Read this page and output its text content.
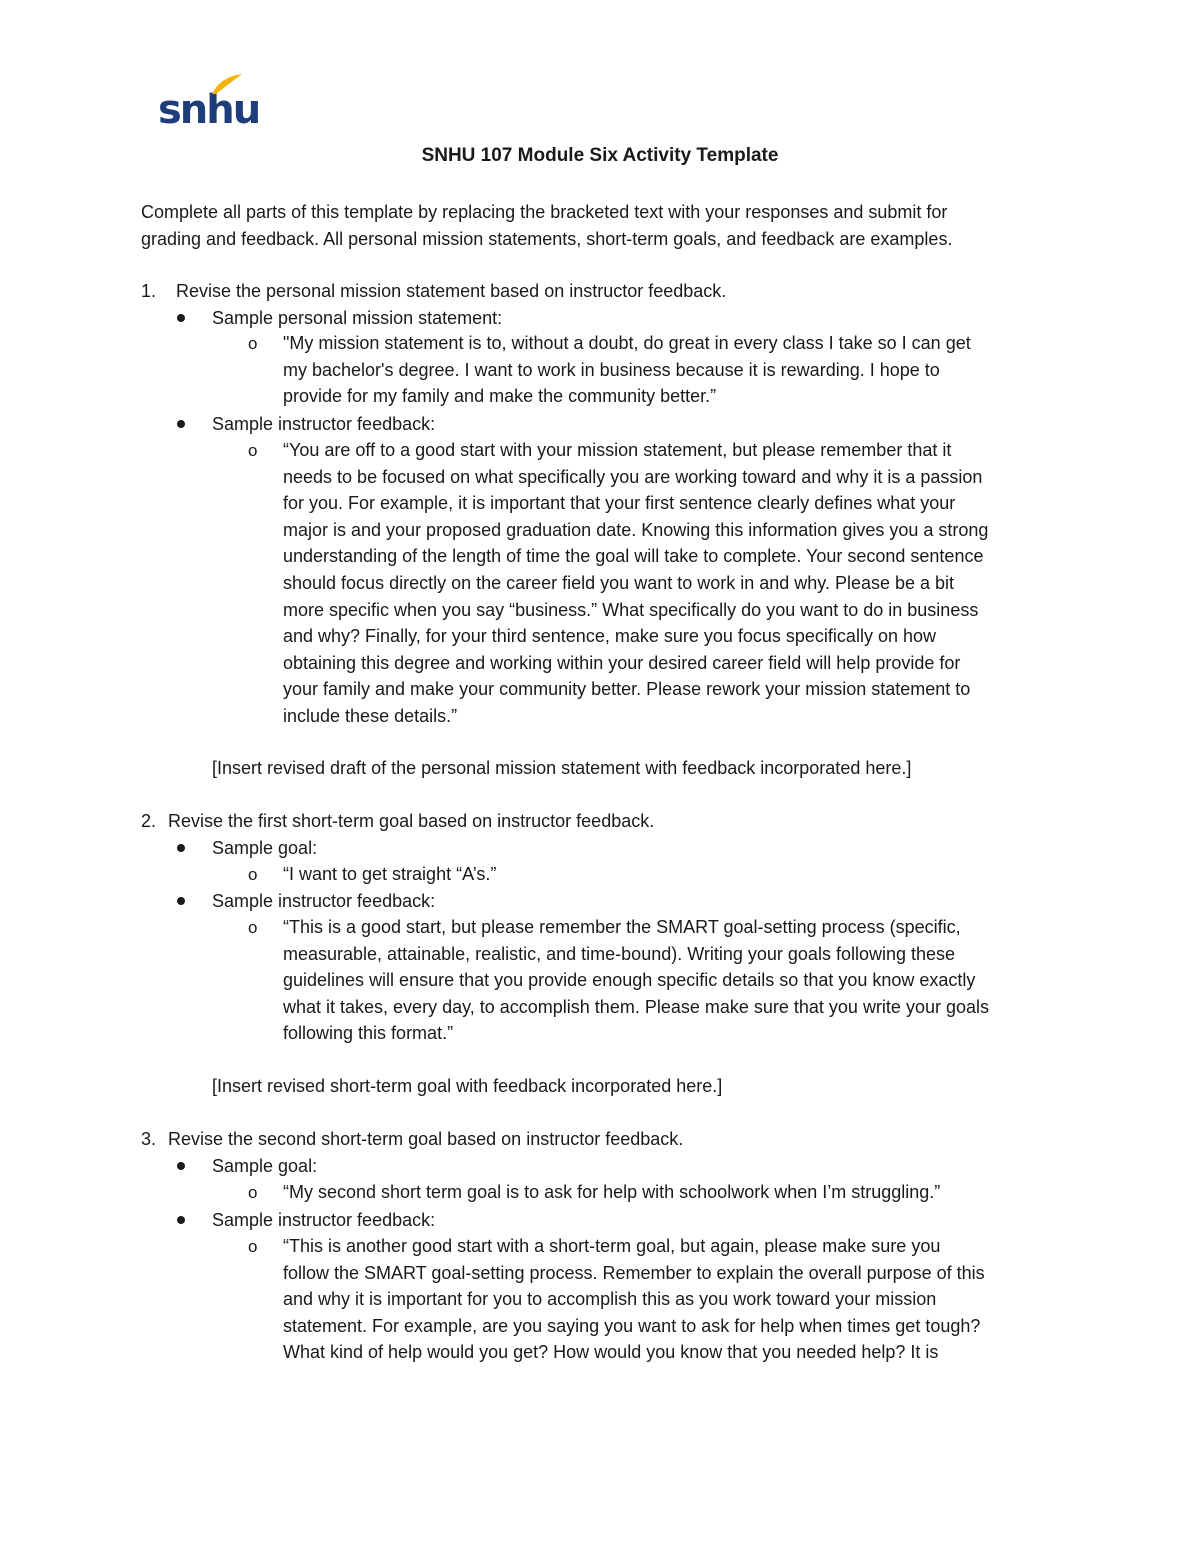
snhu
SNHU 107 Module Six Activity Template
Complete all parts of this template by replacing the bracketed text with your responses and submit for
grading and feedback. All personal mission statements, short-term goals, and feedback are examples.
1. Revise the personal mission statement based on instructor feedback.
Sample personal mission statement:
o "My mission statement is to, without a doubt, do great in every class I take so I can get
my bachelor's degree. I want to work in business because it is rewarding. I hope to
provide for my family and make the community better.”
Sample instructor feedback:
o “You are off to a good start with your mission statement, but please remember that it
needs to be focused on what specifically you are working toward and why it is a passion
for you. For example, it is important that your first sentence clearly defines what your
major is and your proposed graduation date. Knowing this information gives you a strong
understanding of the length of time the goal will take to complete. Your second sentence
should focus directly on the career field you want to work in and why. Please be a bit
more specific when you say “business.” What specifically do you want to do in business
and why? Finally, for your third sentence, make sure you focus specifically on how
obtaining this degree and working within your desired career field will help provide for
your family and make your community better. Please rework your mission statement to
include these details.”
[Insert revised draft of the personal mission statement with feedback incorporated here.]
2. Revise the first short-term goal based on instructor feedback.
Sample goal:
o “I want to get straight “A’s.”
Sample instructor feedback:
o “This is a good start, but please remember the SMART goal-setting process (specific,
measurable, attainable, realistic, and time-bound). Writing your goals following these
guidelines will ensure that you provide enough specific details so that you know exactly
what it takes, every day, to accomplish them. Please make sure that you write your goals
following this format.”
[Insert revised short-term goal with feedback incorporated here.]
3. Revise the second short-term goal based on instructor feedback.
Sample goal:
o “My second short term goal is to ask for help with schoolwork when I’m struggling.”
Sample instructor feedback:
o “This is another good start with a short-term goal, but again, please make sure you
follow the SMART goal-setting process. Remember to explain the overall purpose of this
and why it is important for you to accomplish this as you work toward your mission
statement. For example, are you saying you want to ask for help when times get tough?
What kind of help would you get? How would you know that you needed help? It is
